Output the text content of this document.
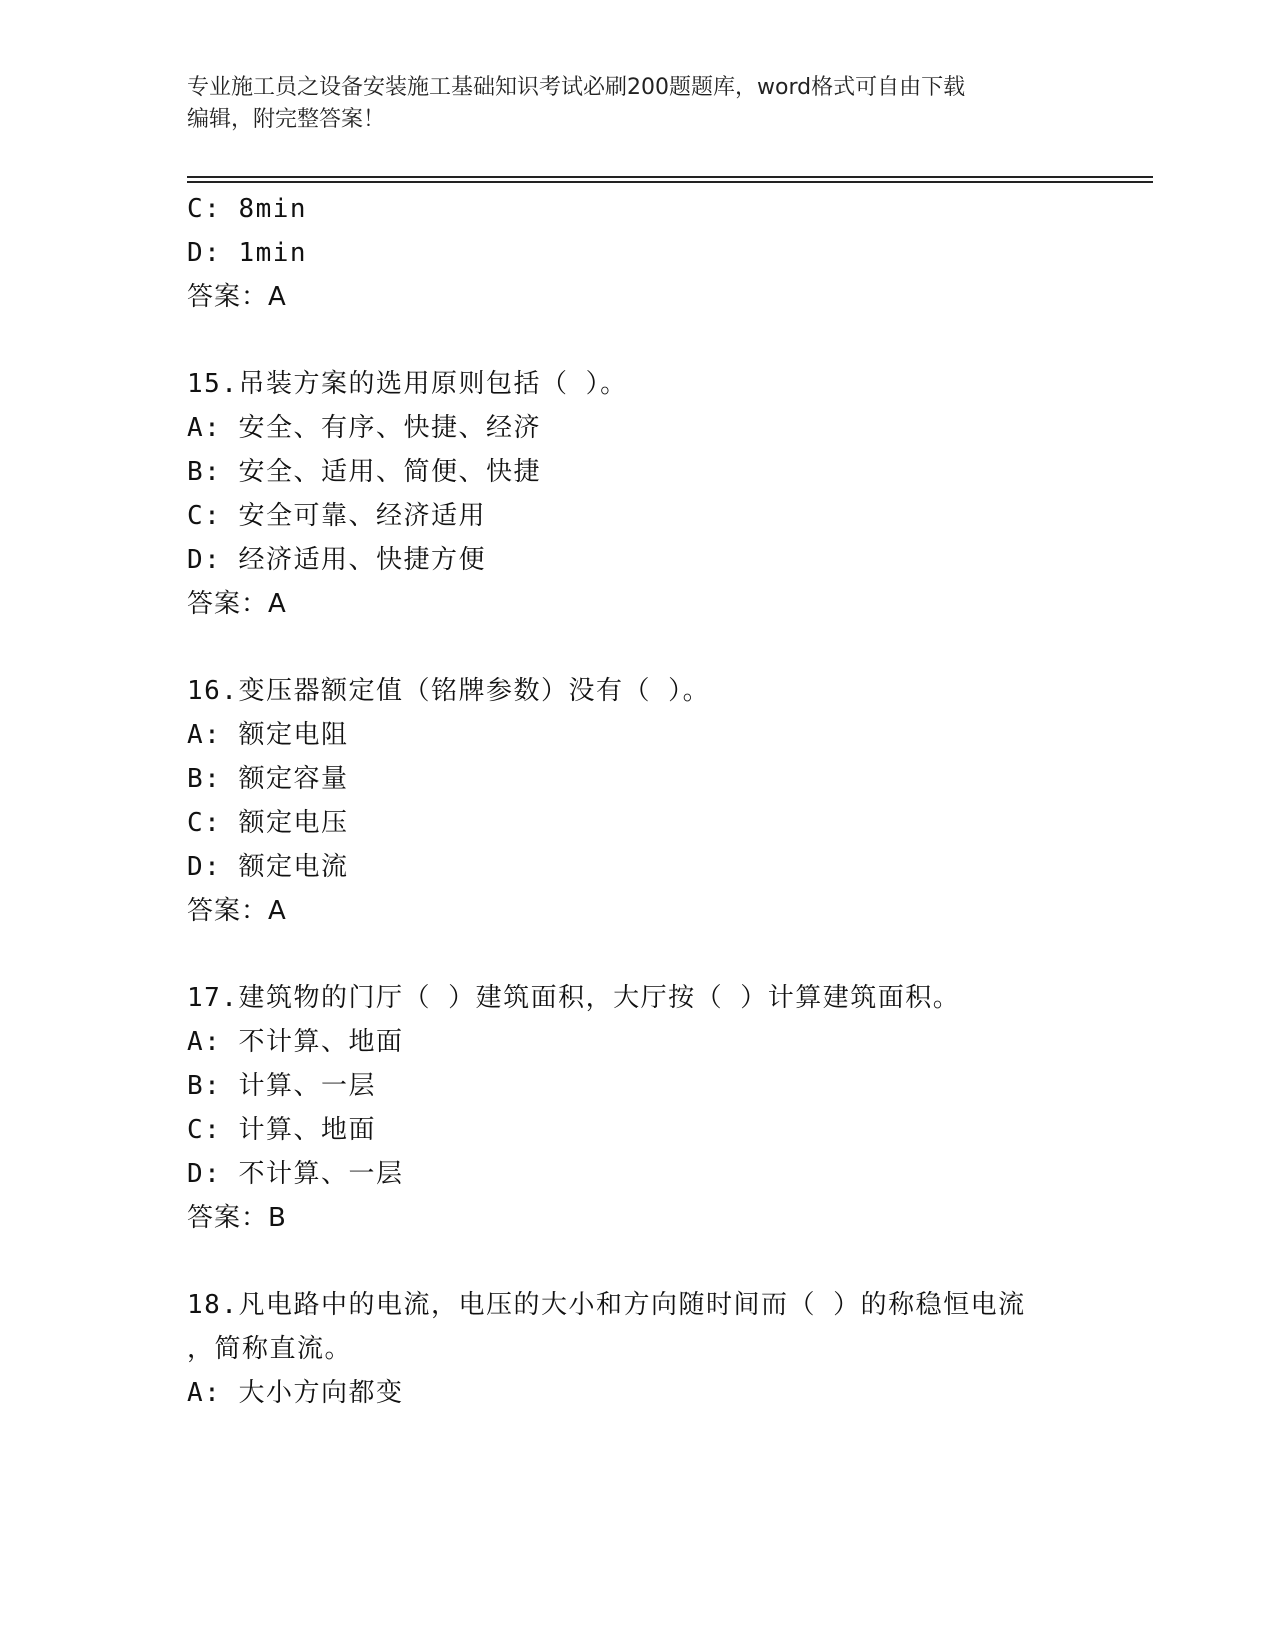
专业施工员之设备安装施工基础知识考试必刷200题题库，word格式可自由下载
编辑，附完整答案！
C: 8min
D: 1min
答案：A
15.吊装方案的选用原则包括（ ）。
A: 安全、有序、快捷、经济
B: 安全、适用、简便、快捷
C: 安全可靠、经济适用
D: 经济适用、快捷方便
答案：A
16.变压器额定值（铭牌参数）没有（ ）。
A: 额定电阻
B: 额定容量
C: 额定电压
D: 额定电流
答案：A
17.建筑物的门厅（ ）建筑面积，大厅按（ ）计算建筑面积。
A: 不计算、地面
B: 计算、一层
C: 计算、地面
D: 不计算、一层
答案：B
18.凡电路中的电流，电压的大小和方向随时间而（ ）的称稳恒电流
，简称直流。
A: 大小方向都变
